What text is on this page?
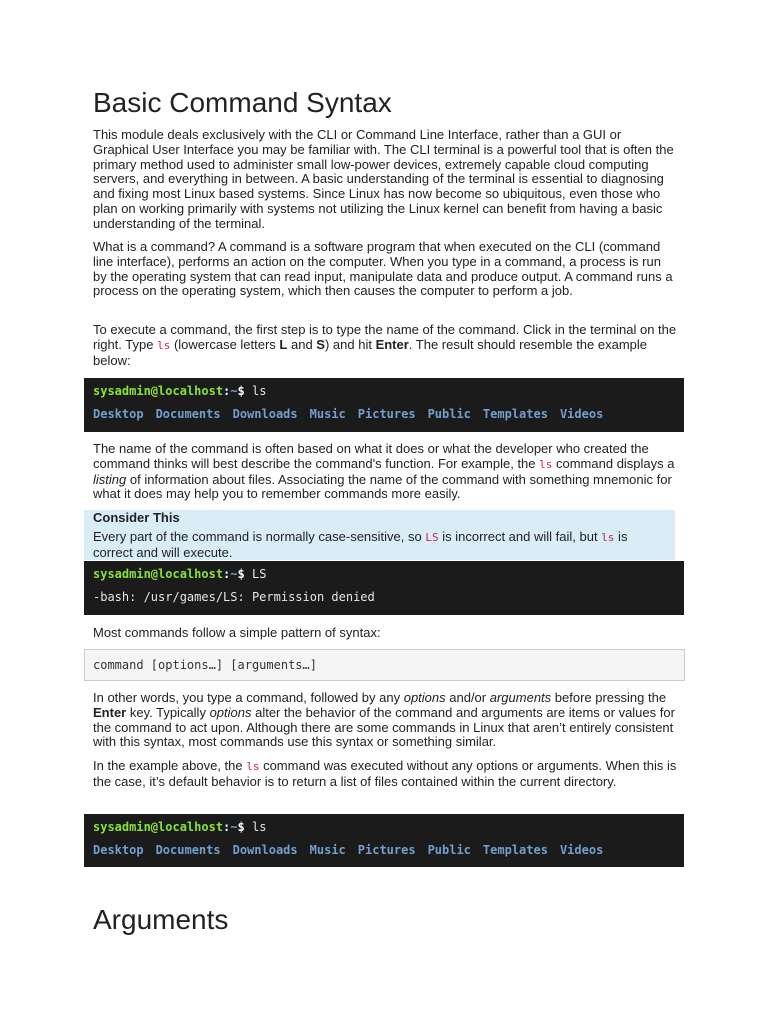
Basic Command Syntax

This module deals exclusively with the CLI or Command Line Interface, rather than a GUI or Graphical User Interface you may be familiar with. The CLI terminal is a powerful tool that is often the primary method used to administer small low-power devices, extremely capable cloud computing servers, and everything in between. A basic understanding of the terminal is essential to diagnosing and fixing most Linux based systems. Since Linux has now become so ubiquitous, even those who plan on working primarily with systems not utilizing the Linux kernel can benefit from having a basic understanding of the terminal.

What is a command? A command is a software program that when executed on the CLI (command line interface), performs an action on the computer. When you type in a command, a process is run by the operating system that can read input, manipulate data and produce output. A command runs a process on the operating system, which then causes the computer to perform a job.

To execute a command, the first step is to type the name of the command. Click in the terminal on the right. Type ls (lowercase letters L and S) and hit Enter. The result should resemble the example below:

sysadmin@localhost:~$ ls
Desktop Documents Downloads Music Pictures Public Templates Videos

The name of the command is often based on what it does or what the developer who created the command thinks will best describe the command's function. For example, the ls command displays a listing of information about files. Associating the name of the command with something mnemonic for what it does may help you to remember commands more easily.

Consider This
Every part of the command is normally case-sensitive, so LS is incorrect and will fail, but ls is correct and will execute.
sysadmin@localhost:~$ LS
-bash: /usr/games/LS: Permission denied

Most commands follow a simple pattern of syntax:

command [options…] [arguments…]

In other words, you type a command, followed by any options and/or arguments before pressing the Enter key. Typically options alter the behavior of the command and arguments are items or values for the command to act upon. Although there are some commands in Linux that aren’t entirely consistent with this syntax, most commands use this syntax or something similar.

In the example above, the ls command was executed without any options or arguments. When this is the case, it’s default behavior is to return a list of files contained within the current directory.

sysadmin@localhost:~$ ls
Desktop Documents Downloads Music Pictures Public Templates Videos
Arguments
